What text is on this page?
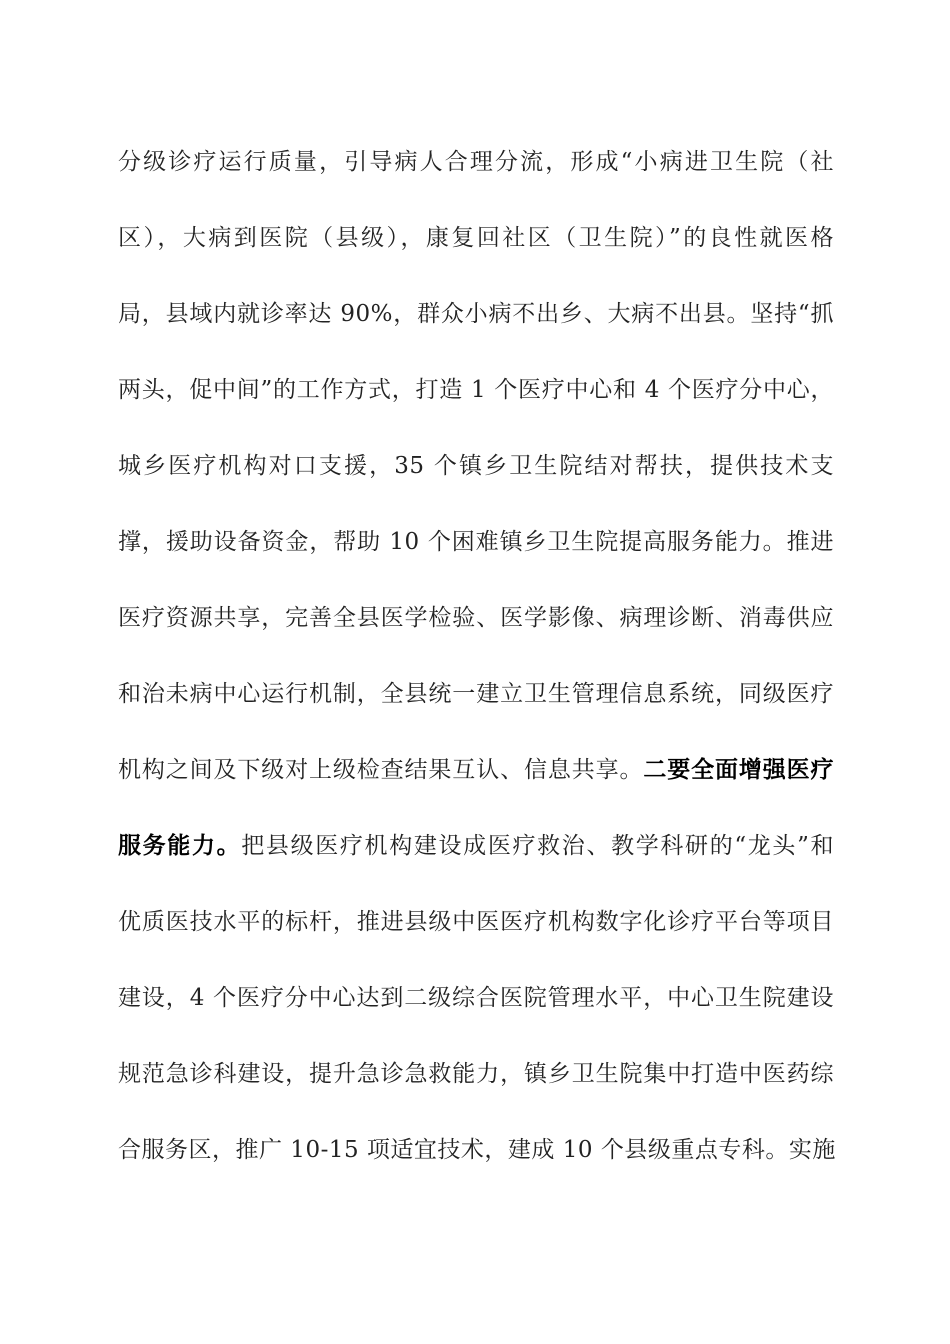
分级诊疗运行质量，引导病人合理分流，形成“小病进卫生院（社
区），大病到医院（县级），康复回社区（卫生院）”的良性就医格
局，县域内就诊率达 90%，群众小病不出乡、大病不出县。坚持“抓
两头，促中间”的工作方式，打造 1 个医疗中心和 4 个医疗分中心，
城乡医疗机构对口支援，35 个镇乡卫生院结对帮扶，提供技术支
撑，援助设备资金，帮助 10 个困难镇乡卫生院提高服务能力。推进
医疗资源共享，完善全县医学检验、医学影像、病理诊断、消毒供应
和治未病中心运行机制，全县统一建立卫生管理信息系统，同级医疗
机构之间及下级对上级检查结果互认、信息共享。二要全面增强医疗
服务能力。把县级医疗机构建设成医疗救治、教学科研的“龙头”和
优质医技水平的标杆，推进县级中医医疗机构数字化诊疗平台等项目
建设，4 个医疗分中心达到二级综合医院管理水平，中心卫生院建设
规范急诊科建设，提升急诊急救能力，镇乡卫生院集中打造中医药综
合服务区，推广 10-15 项适宜技术，建成 10 个县级重点专科。实施
